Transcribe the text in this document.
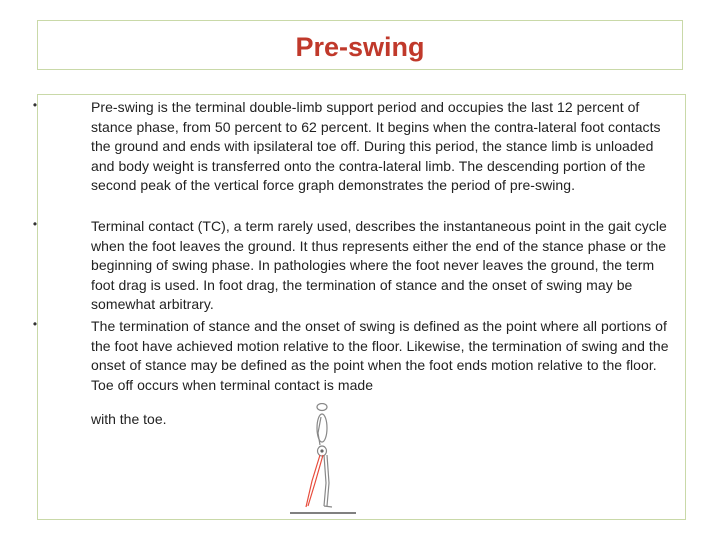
Pre-swing
•	Pre-swing is the terminal double-limb support period and occupies the last 12 percent of stance phase, from 50 percent to 62 percent. It begins when the contra-lateral foot contacts the ground and ends with ipsilateral toe off. During this period, the stance limb is unloaded and body weight is transferred onto the contra-lateral limb. The descending portion of the second peak of the vertical force graph demonstrates the period of pre-swing.
•	Terminal contact (TC), a term rarely used, describes the instantaneous point in the gait cycle when the foot leaves the ground. It thus represents either the end of the stance phase or the beginning of swing phase. In pathologies where the foot never leaves the ground, the term foot drag is used. In foot drag, the termination of stance and the onset of swing may be somewhat arbitrary.
•	The termination of stance and the onset of swing is defined as the point where all portions of the foot have achieved motion relative to the floor. Likewise, the termination of swing and the onset of stance may be defined as the point when the foot ends motion relative to the floor. Toe off occurs when terminal contact is made
with the toe.
